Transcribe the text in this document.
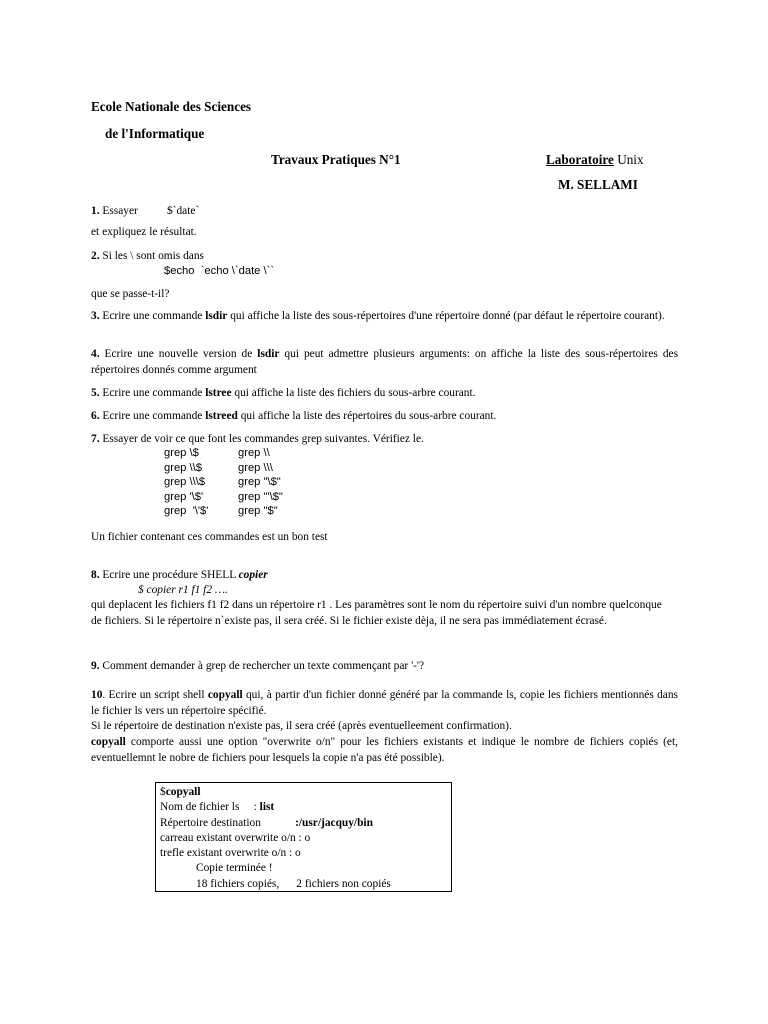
Ecole Nationale des Sciences
de l'Informatique
Travaux Pratiques N°1	Laboratoire Unix
M. SELLAMI
1. Essayer	$`date`
et expliquez le résultat.
2. Si les \ sont omis dans
$echo  `echo \`date \``
que se passe-t-il?
3. Ecrire une commande lsdir qui affiche la liste des sous-répertoires d'une répertoire donné (par défaut le répertoire courant).
4. Ecrire une nouvelle version de lsdir qui peut admettre plusieurs arguments: on affiche la liste des sous-répertoires des répertoires donnés comme argument
5. Ecrire une commande lstree qui affiche la liste des fichiers du sous-arbre courant.
6. Ecrire une commande lstreed qui affiche la liste des répertoires du sous-arbre courant.
7. Essayer de voir ce que font les commandes grep suivantes. Vérifiez le.
grep \$	grep \\
grep \\$	grep \\\
grep \\\$	grep "\$"
grep '\$'	grep "'\$"
grep  '\'$'	grep "$"
Un fichier contenant ces commandes est un bon test
8. Ecrire une procédure SHELL copier
$ copier r1 f1 f2 ….
qui deplacent les fichiers f1 f2 dans un répertoire r1 . Les paramètres sont le nom du répertoire suivi d'un nombre quelconque de fichiers. Si le répertoire n`existe pas, il sera créé. Si le fichier existe dèja, il ne sera pas immédiatement écrasé.
9. Comment demander à grep de rechercher un texte commençant par '-'?
10. Ecrire un script shell copyall qui, à partir d'un fichier donné généré par la commande ls, copie les fichiers mentionnés dans le fichier ls vers un répertoire spécifié.
Si le répertoire de destination n'existe pas, il sera créé (après eventuelleement confirmation).
copyall comporte aussi une option "overwrite o/n" pour les fichiers existants et indique le nombre de fichiers copiés (et, eventuellemnt le nobre de fichiers pour lesquels la copie n'a pas été possible).
$copyall
Nom de fichier ls     : list
Répertoire destination            :/usr/jacquy/bin
carreau existant overwrite o/n : o
trefle existant overwrite o/n : o
Copie terminée !
18 fichiers copiés,      2 fichiers non copiés
